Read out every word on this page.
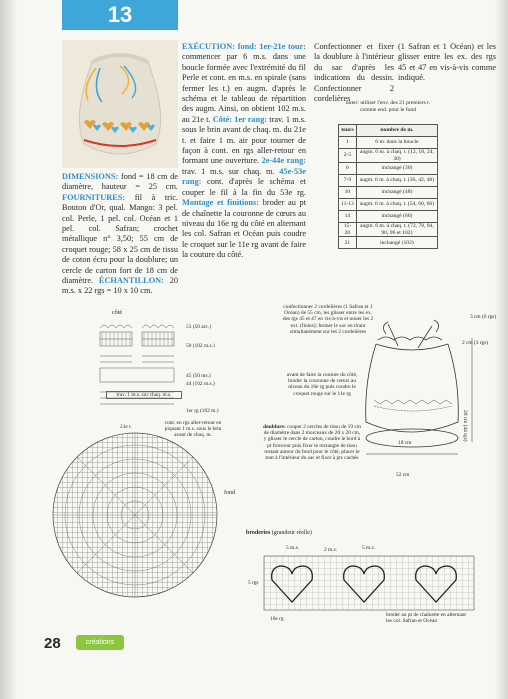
13
DIMENSIONS: fond = 18 cm de diamètre, hauteur = 25 cm. FOURNITURES: fil à tric. Bouton d'Or, qual. Mango: 3 pel. col. Perle, 1 pel. col. Océan et 1 pel. col. Safran; crochet métallique n° 3,50; 55 cm de croquet rouge; 58 x 25 cm de tissu de coton écru pour la doublure; un cercle de carton fort de 18 cm de diamètre. ÉCHANTILLON: 20 m.s. x 22 rgs = 10 x 10 cm.
EXÉCUTION: fond: 1er-21e tour: commencer par 6 m.s. dans une boucle formée avec l'extrémité du fil Perle et cont. en m.s. en spirale (sans fermer les t.) en augm. d'après le schéma et le tableau de répartition des augm. Ainsi, on obtient 102 m.s. au 21e t. Côté: 1er rang: trav. 1 m.s. sous le brin avant de chaq. m. du 21e t. et faire 1 m. air pour tourner de façon à cont. en rgs aller-retour en formant une ouverture. 2e-44e rang: trav. 1 m.s. sur chaq. m. 45e-53e rang: cont. d'après le schéma et couper le fil à la fin du 53e rg. Montage et finitions: broder au pt de chaînette la couronne de cœurs au niveau du 16e rg du côté en alternant les col. Safran et Océan puis coudre le croquet sur le 11e rg avant de faire la couture du côté.
Confectionner et fixer la doublure à l'intérieur du sac d'après les indications du dessin. Confectionner 2 cordelières
(1 Safran et 1 Océan) et les glisser entre les ex. des rgs 45 et 47 en vis-à-vis comme indiqué.
noter: utiliser l'env. des 21 premiers t. comme end. pour le fond
tours	nombre de m.
1	6 m. dans la boucle
2-5	augm. 6 m. à chaq. t. (12, 18, 24, 30)
6	inchangé (30)
7-9	augm. 6 m. à chaq. t. (36, 42, 48)
10	inchangé (48)
11-13	augm. 6 m. à chaq. t. (54, 60, 66)
14	inchangé (66)
15-20	augm. 6 m. à chaq. t. (72, 78, 84, 90, 96 et 102)
21	inchangé (102)
côté
53 (50 arc.)
50 (102 m.s.)
45 (50 ms.)
44 (102 m.s.)
trav. 1 m.s. sur chaq. m.s.
1er rg (102 m.)
21e t.
cont. en rgs aller-retour en piquant 1 m.s. sous le brin avant de chaq. m.
fond
confectionner 2 cordelières (1 Safran et 1 Océan) de 55 cm, les glisser entre les ex. des rgs 45 et 47 en vis-à-vis et nouer les 2 ext. (finies); fermer le sac en tirant simultanément sur les 2 cordelières
avant de faire la couture du côté, broder la couronne de cœurs au niveau du 16e rg puis coudre le croquet rouge sur le 11e rg
doublure: couper 2 cercles de tissu de 19 cm de diamètre dans 2 morceaux de 20 x 20 cm, y glisser le cercle de carton, coudre le bord à pt fronceur puis fixer le rectangle de tissu restant autour du fond pour le côté, placer le tout à l'intérieur du sac et fixer à pts cachés
3 cm (6 rgs)
2 cm (3 rgs)
20 cm (44 rgs)
18 cm
52 cm
broderies (grandeur réelle)
5 m.s.	2 m.s.	5 m.s.
5 rgs
16e rg
broder au pt de chaînette en alternant les col. Safran et Océan
28	créations
